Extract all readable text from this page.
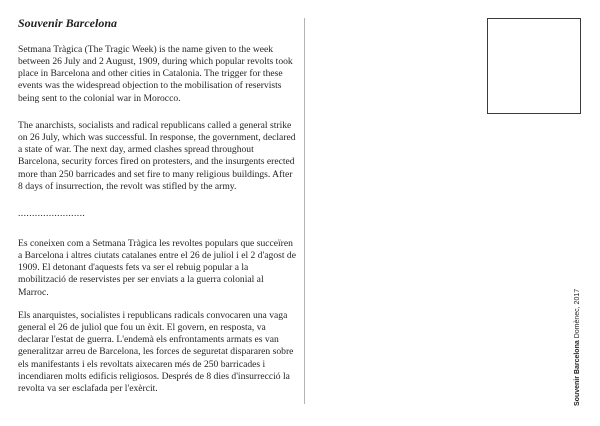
Souvenir Barcelona

Setmana Tràgica (The Tragic Week) is the name given to the week between 26 July and 2 August, 1909, during which popular revolts took place in Barcelona and other cities in Catalonia. The trigger for these events was the widespread objection to the mobilisation of reservists being sent to the colonial war in Morocco.

The anarchists, socialists and radical republicans called a general strike on 26 July, which was successful. In response, the government, declared a state of war. The next day, armed clashes spread throughout Barcelona, security forces fired on protesters, and the insurgents erected more than 250 barricades and set fire to many religious buildings. After 8 days of insurrection, the revolt was stifled by the army.

........................

Es coneixen com a Setmana Tràgica les revoltes populars que succeïren a Barcelona i altres ciutats catalanes entre el 26 de juliol i el 2 d'agost de 1909. El detonant d'aquests fets va ser el rebuig popular a la mobilització de reservistes per ser enviats a la guerra colonial al Marroc.

Els anarquistes, socialistes i republicans radicals convocaren una vaga general el 26 de juliol que fou un èxit. El govern, en resposta, va declarar l'estat de guerra. L'endemà els enfrontaments armats es van generalitzar arreu de Barcelona, les forces de seguretat dispararen sobre els manifestants i els revoltats aixecaren més de 250 barricades i incendiaren molts edificis religiosos. Després de 8 dies d'insurrecció la revolta va ser esclafada per l'exèrcit.	Souvenir Barcelona Domènec, 2017
